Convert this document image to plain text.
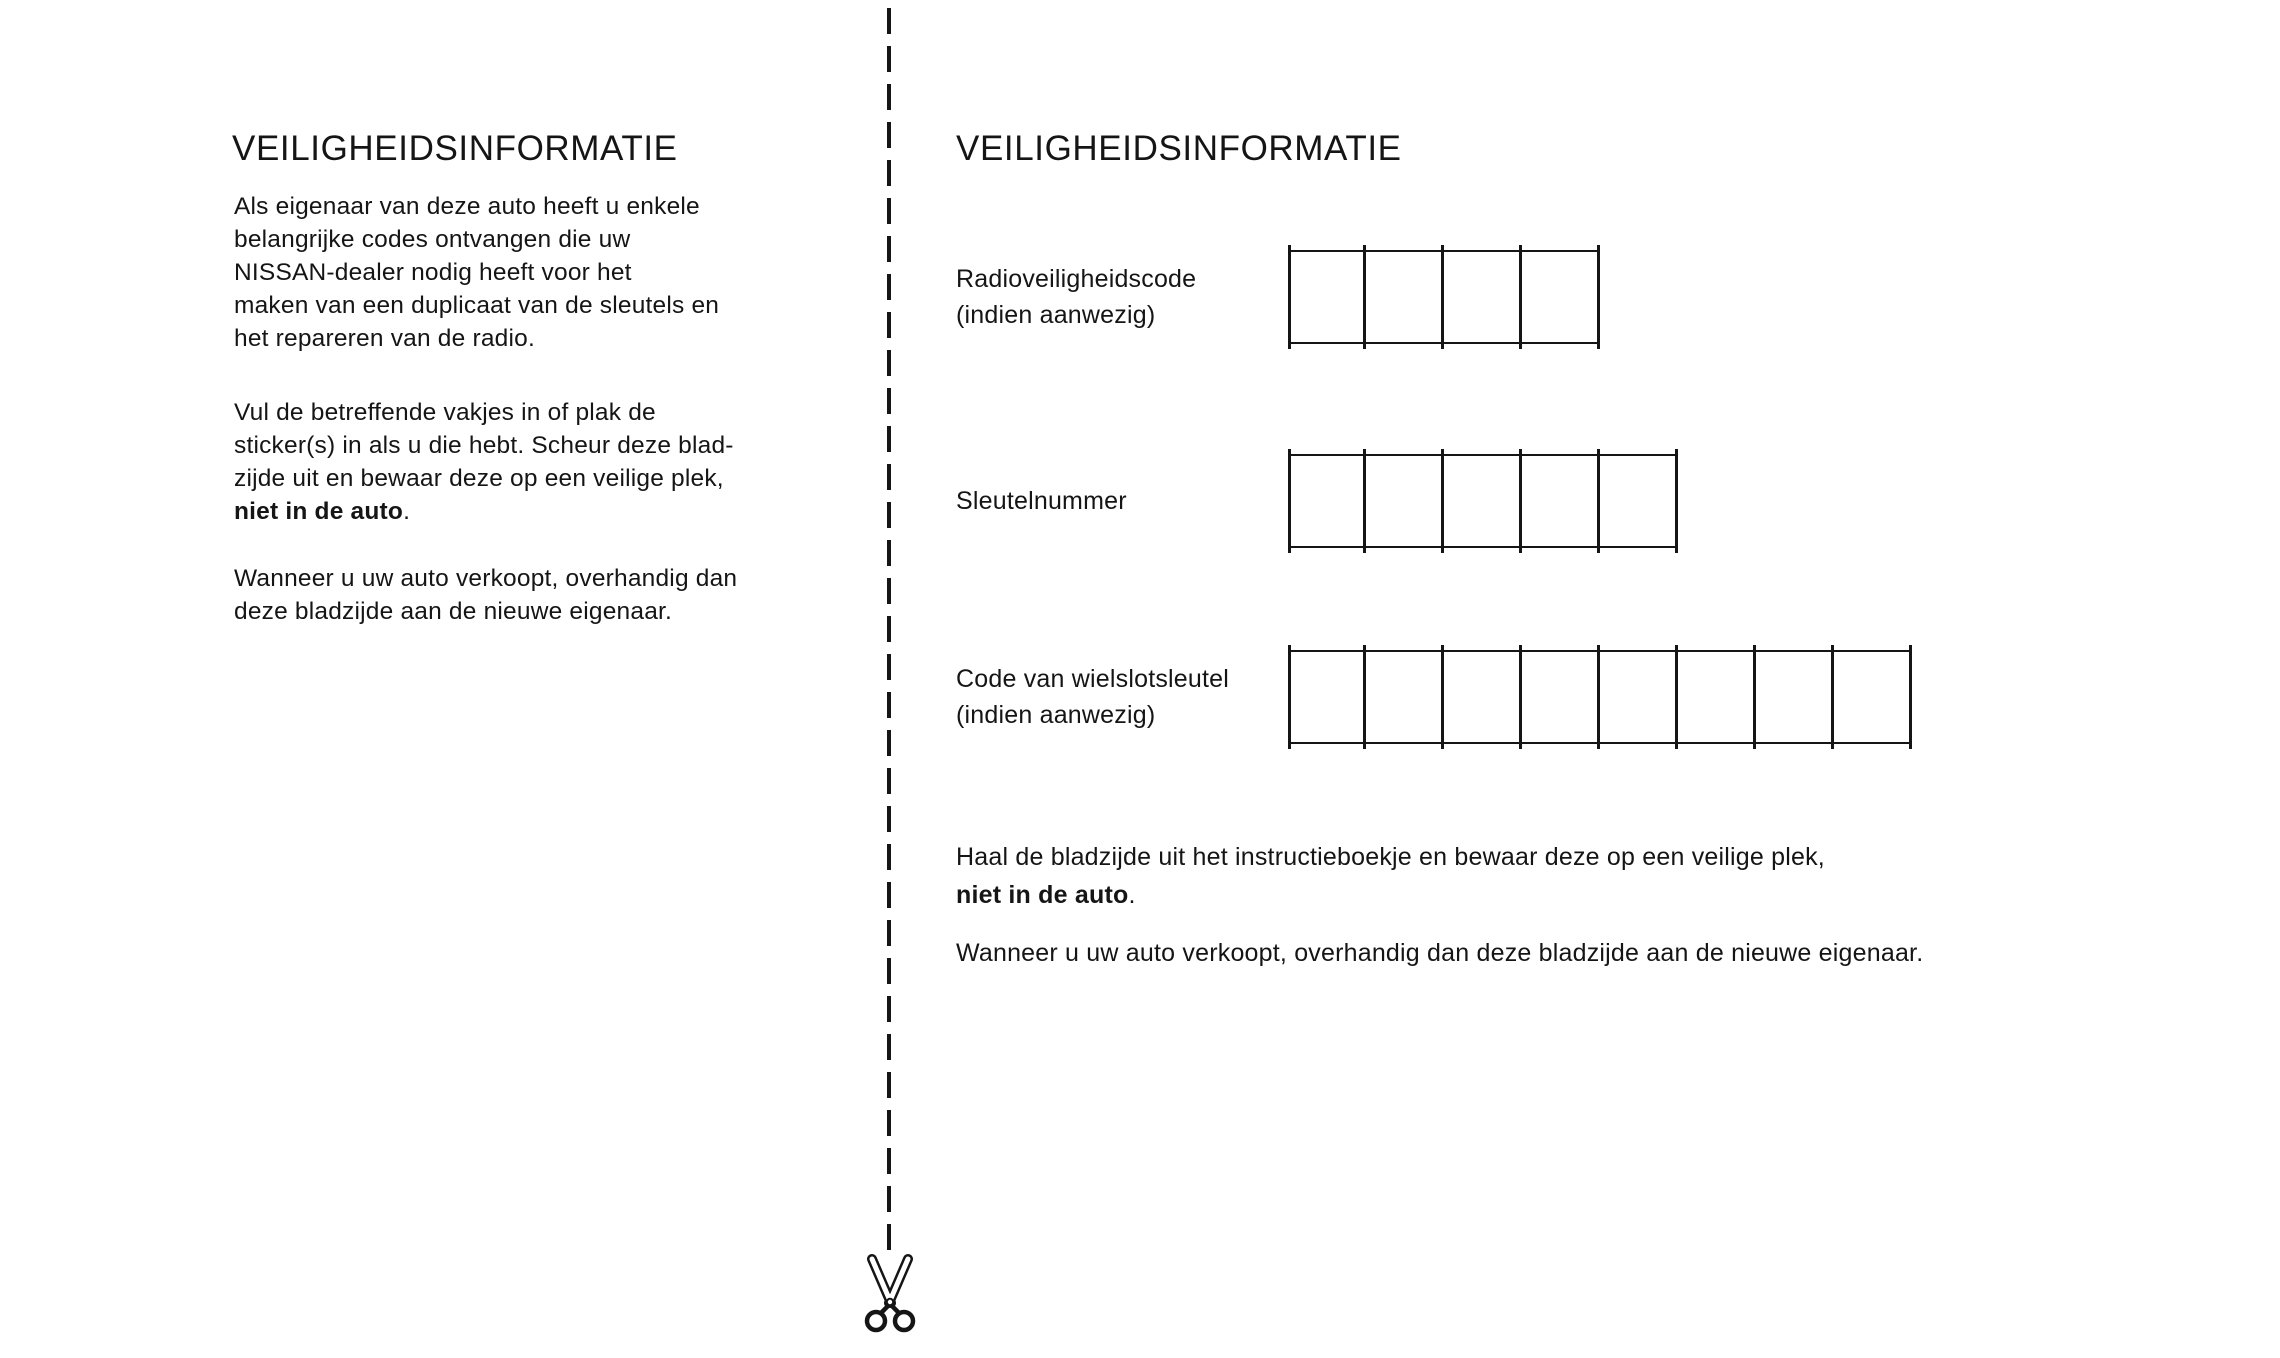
VEILIGHEIDSINFORMATIE
Als eigenaar van deze auto heeft u enkele
belangrijke codes ontvangen die uw
NISSAN-dealer nodig heeft voor het
maken van een duplicaat van de sleutels en
het repareren van de radio.
Vul de betreffende vakjes in of plak de
sticker(s) in als u die hebt. Scheur deze blad-
zijde uit en bewaar deze op een veilige plek,
niet in de auto.
Wanneer u uw auto verkoopt, overhandig dan
deze bladzijde aan de nieuwe eigenaar.
VEILIGHEIDSINFORMATIE
Radioveiligheidscode
(indien aanwezig)
Sleutelnummer
Code van wielslotsleutel
(indien aanwezig)
Haal de bladzijde uit het instructieboekje en bewaar deze op een veilige plek,
niet in de auto.
Wanneer u uw auto verkoopt, overhandig dan deze bladzijde aan de nieuwe eigenaar.
